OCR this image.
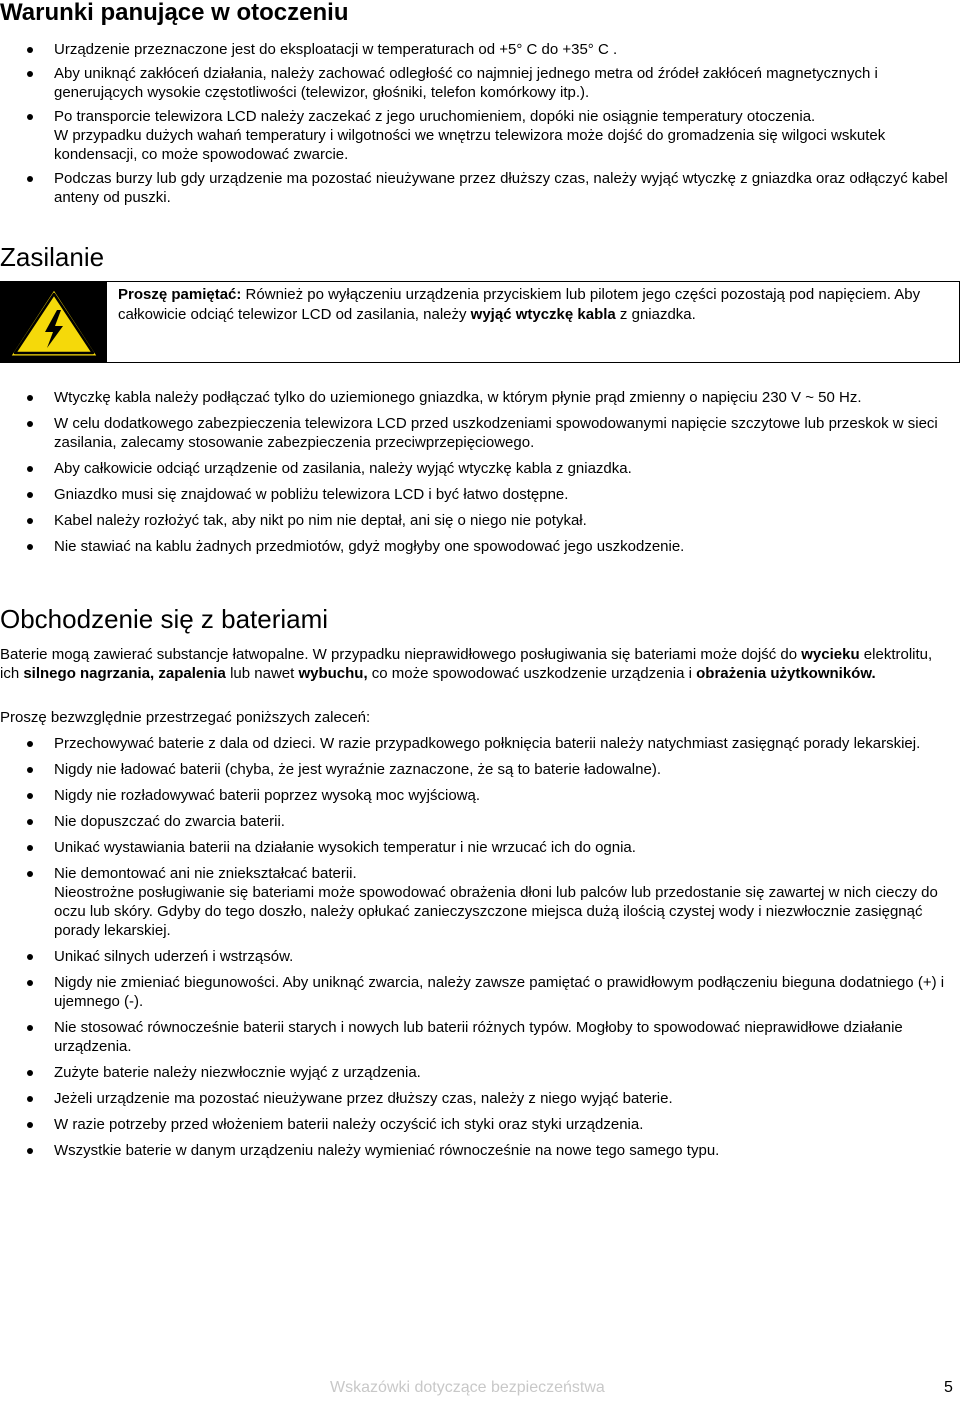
Warunki panujące w otoczeniu
Urządzenie przeznaczone jest do eksploatacji w temperaturach od +5° C do +35° C .
Aby uniknąć zakłóceń działania, należy zachować odległość co najmniej jednego metra od źródeł zakłóceń magnetycznych i generujących wysokie częstotliwości (telewizor, głośniki, telefon komórkowy itp.).
Po transporcie telewizora LCD należy zaczekać z jego uruchomieniem, dopóki nie osiągnie temperatury otoczenia.
W przypadku dużych wahań temperatury i wilgotności we wnętrzu telewizora może dojść do gromadzenia się wilgoci wskutek kondensacji, co może spowodować zwarcie.
Podczas burzy lub gdy urządzenie ma pozostać nieużywane przez dłuższy czas, należy wyjąć wtyczkę z gniazdka oraz odłączyć kabel anteny od puszki.
Zasilanie
Proszę pamiętać: Również po wyłączeniu urządzenia przyciskiem lub pilotem jego części pozostają pod napięciem. Aby całkowicie odciąć telewizor LCD od zasilania, należy wyjąć wtyczkę kabla z gniazdka.
Wtyczkę kabla należy podłączać tylko do uziemionego gniazdka, w którym płynie prąd zmienny o napięciu 230 V ~ 50 Hz.
W celu dodatkowego zabezpieczenia telewizora LCD przed uszkodzeniami spowodowanymi napięcie szczytowe lub przeskok w sieci zasilania, zalecamy stosowanie zabezpieczenia przeciwprzepięciowego.
Aby całkowicie odciąć urządzenie od zasilania, należy wyjąć wtyczkę kabla z gniazdka.
Gniazdko musi się znajdować w pobliżu telewizora LCD i być łatwo dostępne.
Kabel należy rozłożyć tak, aby nikt po nim nie deptał, ani się o niego nie potykał.
Nie stawiać na kablu żadnych przedmiotów, gdyż mogłyby one spowodować jego uszkodzenie.
Obchodzenie się z bateriami

Baterie mogą zawierać substancje łatwopalne. W przypadku nieprawidłowego posługiwania się bateriami może dojść do wycieku elektrolitu, ich silnego nagrzania, zapalenia lub nawet wybuchu, co może spowodować uszkodzenie urządzenia i obrażenia użytkowników.

Proszę bezwzględnie przestrzegać poniższych zaleceń:

Przechowywać baterie z dala od dzieci. W razie przypadkowego połknięcia baterii należy natychmiast zasięgnąć porady lekarskiej.
Nigdy nie ładować baterii (chyba, że jest wyraźnie zaznaczone, że są to baterie ładowalne).
Nigdy nie rozładowywać baterii poprzez wysoką moc wyjściową.
Nie dopuszczać do zwarcia baterii.
Unikać wystawiania baterii na działanie wysokich temperatur i nie wrzucać ich do ognia.
Nie demontować ani nie zniekształcać baterii.
Nieostrożne posługiwanie się bateriami może spowodować obrażenia dłoni lub palców lub przedostanie się zawartej w nich cieczy do oczu lub skóry. Gdyby do tego doszło, należy opłukać zanieczyszczone miejsca dużą ilością czystej wody i niezwłocznie zasięgnąć porady lekarskiej.
Unikać silnych uderzeń i wstrząsów.
Nigdy nie zmieniać biegunowości. Aby uniknąć zwarcia, należy zawsze pamiętać o prawidłowym podłączeniu bieguna dodatniego (+) i ujemnego (-).
Nie stosować równocześnie baterii starych i nowych lub baterii różnych typów. Mogłoby to spowodować nieprawidłowe działanie urządzenia.
Zużyte baterie należy niezwłocznie wyjąć z urządzenia.
Jeżeli urządzenie ma pozostać nieużywane przez dłuższy czas, należy z niego wyjąć baterie.
W razie potrzeby przed włożeniem baterii należy oczyścić ich styki oraz styki urządzenia.
Wszystkie baterie w danym urządzeniu należy wymieniać równocześnie na nowe tego samego typu.
Wskazówki dotyczące bezpieczeństwa	5
